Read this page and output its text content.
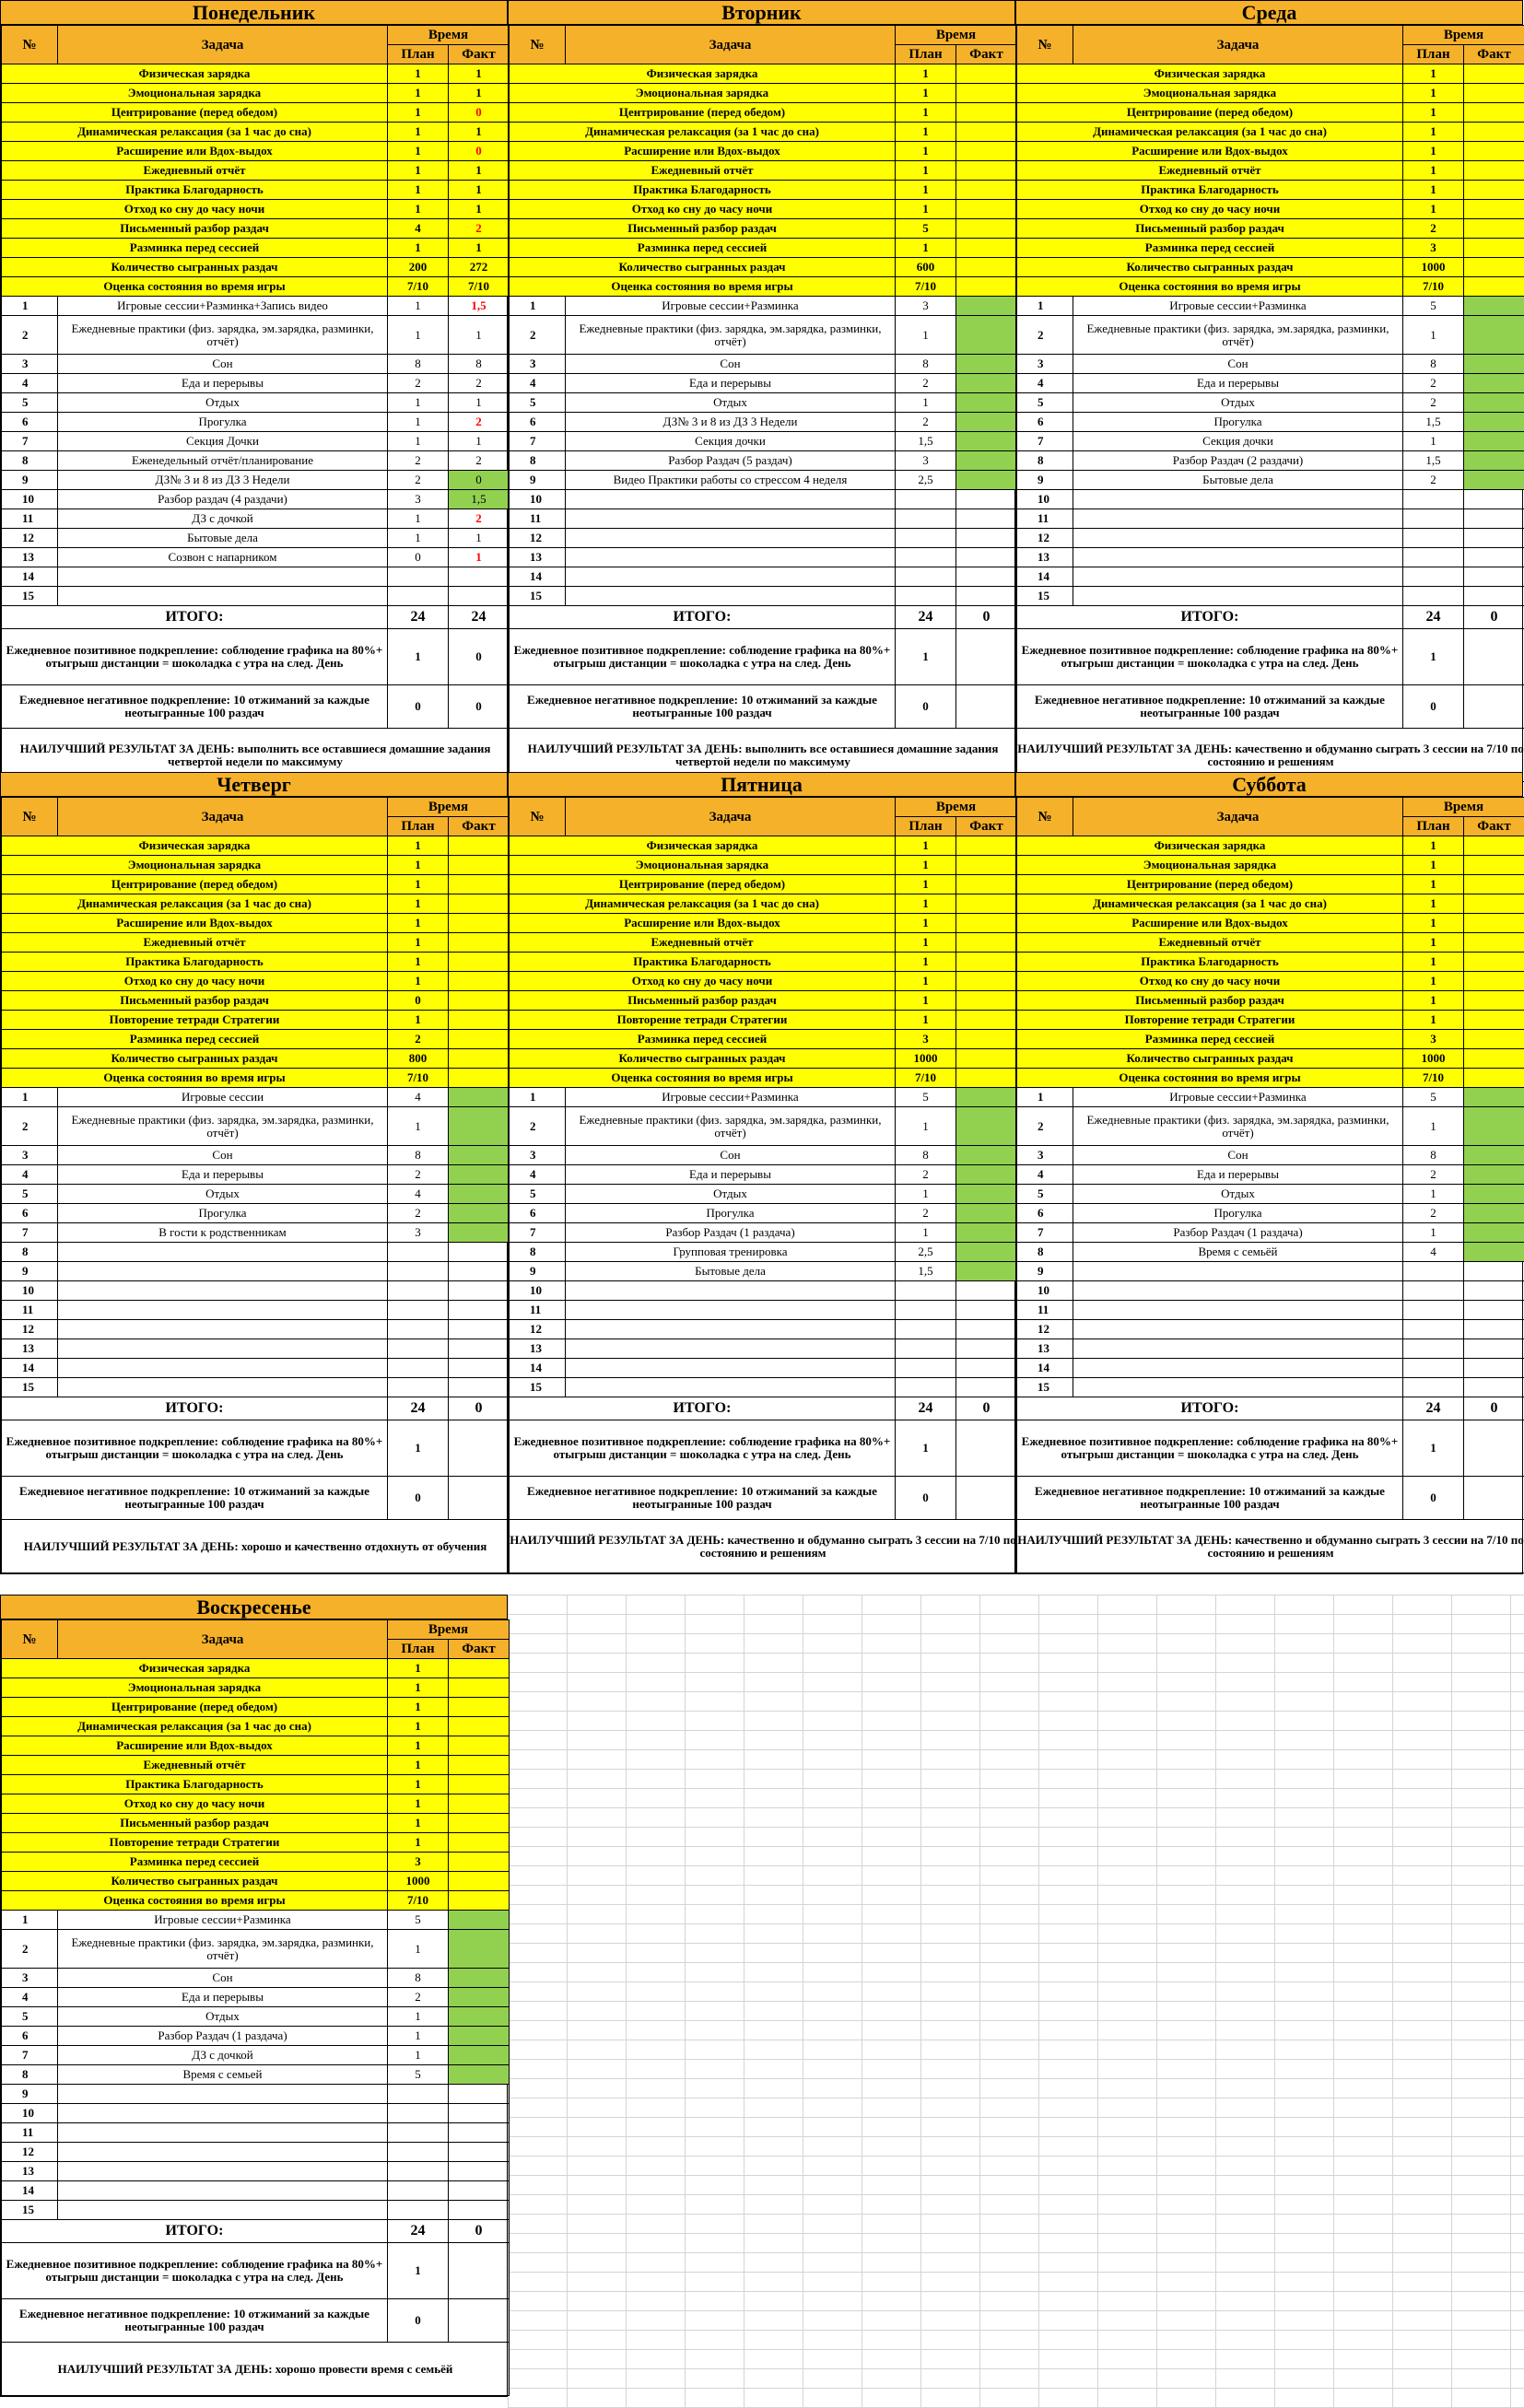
Понедельник
№	Задача	Время	
		План	Факт
Физическая зарядка		1	1
Эмоциональная зарядка		1	1
Центрирование (перед обедом)		1	0
Динамическая релаксация (за 1 час до сна)		1	1
Расширение или Вдох-выдох		1	0
Ежедневный отчёт		1	1
Практика Благодарность		1	1
Отход ко сну до часу ночи		1	1
Письменный разбор раздач		4	2
Разминка перед сессией		1	1
Количество сыгранных раздач		200	272
Оценка состояния во время игры		7/10	7/10
1	Игровые сессии+Разминка+Запись видео	1	1,5
2	Ежедневные практики (физ. зарядка, эм.зарядка, разминки, отчёт)	1	1
3	Сон	8	8
4	Еда и перерывы	2	2
5	Отдых	1	1
6	Прогулка	1	2
7	Секция Дочки	1	1
8	Еженедельный отчёт/планирование	2	2
9	ДЗ№ 3 и 8 из ДЗ 3 Недели	2	0
10	Разбор раздач (4 раздачи)	3	1,5
11	ДЗ с дочкой	1	2
12	Бытовые дела	1	1
13	Созвон с напарником	0	1
14			
15			
ИТОГО:		24	24
Ежедневное позитивное подкрепление: соблюдение графика на 80%+ отыгрыш дистанции = шоколадка с утра на след. День		1	0
Ежедневное негативное подкрепление: 10 отжиманий за каждые неотыгранные 100 раздач		0	0
НАИЛУЧШИЙ РЕЗУЛЬТАТ ЗА ДЕНЬ: выполнить все оставшиеся домашние задания четвертой недели по максимуму			
Вторник
№	Задача	Время	
		План	Факт
Физическая зарядка		1	
Эмоциональная зарядка		1	
Центрирование (перед обедом)		1	
Динамическая релаксация (за 1 час до сна)		1	
Расширение или Вдох-выдох		1	
Ежедневный отчёт		1	
Практика Благодарность		1	
Отход ко сну до часу ночи		1	
Письменный разбор раздач		5	
Разминка перед сессией		1	
Количество сыгранных раздач		600	
Оценка состояния во время игры		7/10	
1	Игровые сессии+Разминка	3	
2	Ежедневные практики (физ. зарядка, эм.зарядка, разминки, отчёт)	1	
3	Сон	8	
4	Еда и перерывы	2	
5	Отдых	1	
6	ДЗ№ 3 и 8 из ДЗ 3 Недели	2	
7	Секция дочки	1,5	
8	Разбор Раздач (5 раздач)	3	
9	Видео Практики работы со стрессом 4 неделя	2,5	
10			
11			
12			
13			
14			
15			
ИТОГО:		24	0
Ежедневное позитивное подкрепление: соблюдение графика на 80%+ отыгрыш дистанции = шоколадка с утра на след. День		1	
Ежедневное негативное подкрепление: 10 отжиманий за каждые неотыгранные 100 раздач		0	
НАИЛУЧШИЙ РЕЗУЛЬТАТ ЗА ДЕНЬ: выполнить все оставшиеся домашние задания четвертой недели по максимуму			
Среда
№	Задача	Время	
		План	Факт
Физическая зарядка		1	
Эмоциональная зарядка		1	
Центрирование (перед обедом)		1	
Динамическая релаксация (за 1 час до сна)		1	
Расширение или Вдох-выдох		1	
Ежедневный отчёт		1	
Практика Благодарность		1	
Отход ко сну до часу ночи		1	
Письменный разбор раздач		2	
Разминка перед сессией		3	
Количество сыгранных раздач		1000	
Оценка состояния во время игры		7/10	
1	Игровые сессии+Разминка	5	
2	Ежедневные практики (физ. зарядка, эм.зарядка, разминки, отчёт)	1	
3	Сон	8	
4	Еда и перерывы	2	
5	Отдых	2	
6	Прогулка	1,5	
7	Секция дочки	1	
8	Разбор Раздач (2 раздачи)	1,5	
9	Бытовые дела	2	
10			
11			
12			
13			
14			
15			
ИТОГО:		24	0
Ежедневное позитивное подкрепление: соблюдение графика на 80%+ отыгрыш дистанции = шоколадка с утра на след. День		1	
Ежедневное негативное подкрепление: 10 отжиманий за каждые неотыгранные 100 раздач		0	
НАИЛУЧШИЙ РЕЗУЛЬТАТ ЗА ДЕНЬ: качественно и обдуманно сыграть 3 сессии на 7/10 по состоянию и решениям			
Четверг
№	Задача	Время	
		План	Факт
Физическая зарядка		1	
Эмоциональная зарядка		1	
Центрирование (перед обедом)		1	
Динамическая релаксация (за 1 час до сна)		1	
Расширение или Вдох-выдох		1	
Ежедневный отчёт		1	
Практика Благодарность		1	
Отход ко сну до часу ночи		1	
Письменный разбор раздач		0	
Повторение тетради Стратегии		1	
Разминка перед сессией		2	
Количество сыгранных раздач		800	
Оценка состояния во время игры		7/10	
1	Игровые сессии	4	
2	Ежедневные практики (физ. зарядка, эм.зарядка, разминки, отчёт)	1	
3	Сон	8	
4	Еда и перерывы	2	
5	Отдых	4	
6	Прогулка	2	
7	В гости к родственникам	3	
8			
9			
10			
11			
12			
13			
14			
15			
ИТОГО:		24	0
Ежедневное позитивное подкрепление: соблюдение графика на 80%+ отыгрыш дистанции = шоколадка с утра на след. День		1	
Ежедневное негативное подкрепление: 10 отжиманий за каждые неотыгранные 100 раздач		0	
НАИЛУЧШИЙ РЕЗУЛЬТАТ ЗА ДЕНЬ: хорошо и качественно отдохнуть от обучения			
Пятница
№	Задача	Время	
		План	Факт
Физическая зарядка		1	
Эмоциональная зарядка		1	
Центрирование (перед обедом)		1	
Динамическая релаксация (за 1 час до сна)		1	
Расширение или Вдох-выдох		1	
Ежедневный отчёт		1	
Практика Благодарность		1	
Отход ко сну до часу ночи		1	
Письменный разбор раздач		1	
Повторение тетради Стратегии		1	
Разминка перед сессией		3	
Количество сыгранных раздач		1000	
Оценка состояния во время игры		7/10	
1	Игровые сессии+Разминка	5	
2	Ежедневные практики (физ. зарядка, эм.зарядка, разминки, отчёт)	1	
3	Сон	8	
4	Еда и перерывы	2	
5	Отдых	1	
6	Прогулка	2	
7	Разбор Раздач (1 раздача)	1	
8	Групповая тренировка	2,5	
9	Бытовые дела	1,5	
10			
11			
12			
13			
14			
15			
ИТОГО:		24	0
Ежедневное позитивное подкрепление: соблюдение графика на 80%+ отыгрыш дистанции = шоколадка с утра на след. День		1	
Ежедневное негативное подкрепление: 10 отжиманий за каждые неотыгранные 100 раздач		0	
НАИЛУЧШИЙ РЕЗУЛЬТАТ ЗА ДЕНЬ: качественно и обдуманно сыграть 3 сессии на 7/10 по состоянию и решениям			
Суббота
№	Задача	Время	
		План	Факт
Физическая зарядка		1	
Эмоциональная зарядка		1	
Центрирование (перед обедом)		1	
Динамическая релаксация (за 1 час до сна)		1	
Расширение или Вдох-выдох		1	
Ежедневный отчёт		1	
Практика Благодарность		1	
Отход ко сну до часу ночи		1	
Письменный разбор раздач		1	
Повторение тетради Стратегии		1	
Разминка перед сессией		3	
Количество сыгранных раздач		1000	
Оценка состояния во время игры		7/10	
1	Игровые сессии+Разминка	5	
2	Ежедневные практики (физ. зарядка, эм.зарядка, разминки, отчёт)	1	
3	Сон	8	
4	Еда и перерывы	2	
5	Отдых	1	
6	Прогулка	2	
7	Разбор Раздач (1 раздача)	1	
8	Время с семьёй	4	
9			
10			
11			
12			
13			
14			
15			
ИТОГО:		24	0
Ежедневное позитивное подкрепление: соблюдение графика на 80%+ отыгрыш дистанции = шоколадка с утра на след. День		1	
Ежедневное негативное подкрепление: 10 отжиманий за каждые неотыгранные 100 раздач		0	
НАИЛУЧШИЙ РЕЗУЛЬТАТ ЗА ДЕНЬ: качественно и обдуманно сыграть 3 сессии на 7/10 по состоянию и решениям			
Воскресенье
№	Задача	Время	
		План	Факт
Физическая зарядка		1	
Эмоциональная зарядка		1	
Центрирование (перед обедом)		1	
Динамическая релаксация (за 1 час до сна)		1	
Расширение или Вдох-выдох		1	
Ежедневный отчёт		1	
Практика Благодарность		1	
Отход ко сну до часу ночи		1	
Письменный разбор раздач		1	
Повторение тетради Стратегии		1	
Разминка перед сессией		3	
Количество сыгранных раздач		1000	
Оценка состояния во время игры		7/10	
1	Игровые сессии+Разминка	5	
2	Ежедневные практики (физ. зарядка, эм.зарядка, разминки, отчёт)	1	
3	Сон	8	
4	Еда и перерывы	2	
5	Отдых	1	
6	Разбор Раздач (1 раздача)	1	
7	ДЗ с дочкой	1	
8	Время с семьей	5	
9			
10			
11			
12			
13			
14			
15			
ИТОГО:		24	0
Ежедневное позитивное подкрепление: соблюдение графика на 80%+ отыгрыш дистанции = шоколадка с утра на след. День		1	
Ежедневное негативное подкрепление: 10 отжиманий за каждые неотыгранные 100 раздач		0	
НАИЛУЧШИЙ РЕЗУЛЬТАТ ЗА ДЕНЬ: хорошо провести время с семьёй			
